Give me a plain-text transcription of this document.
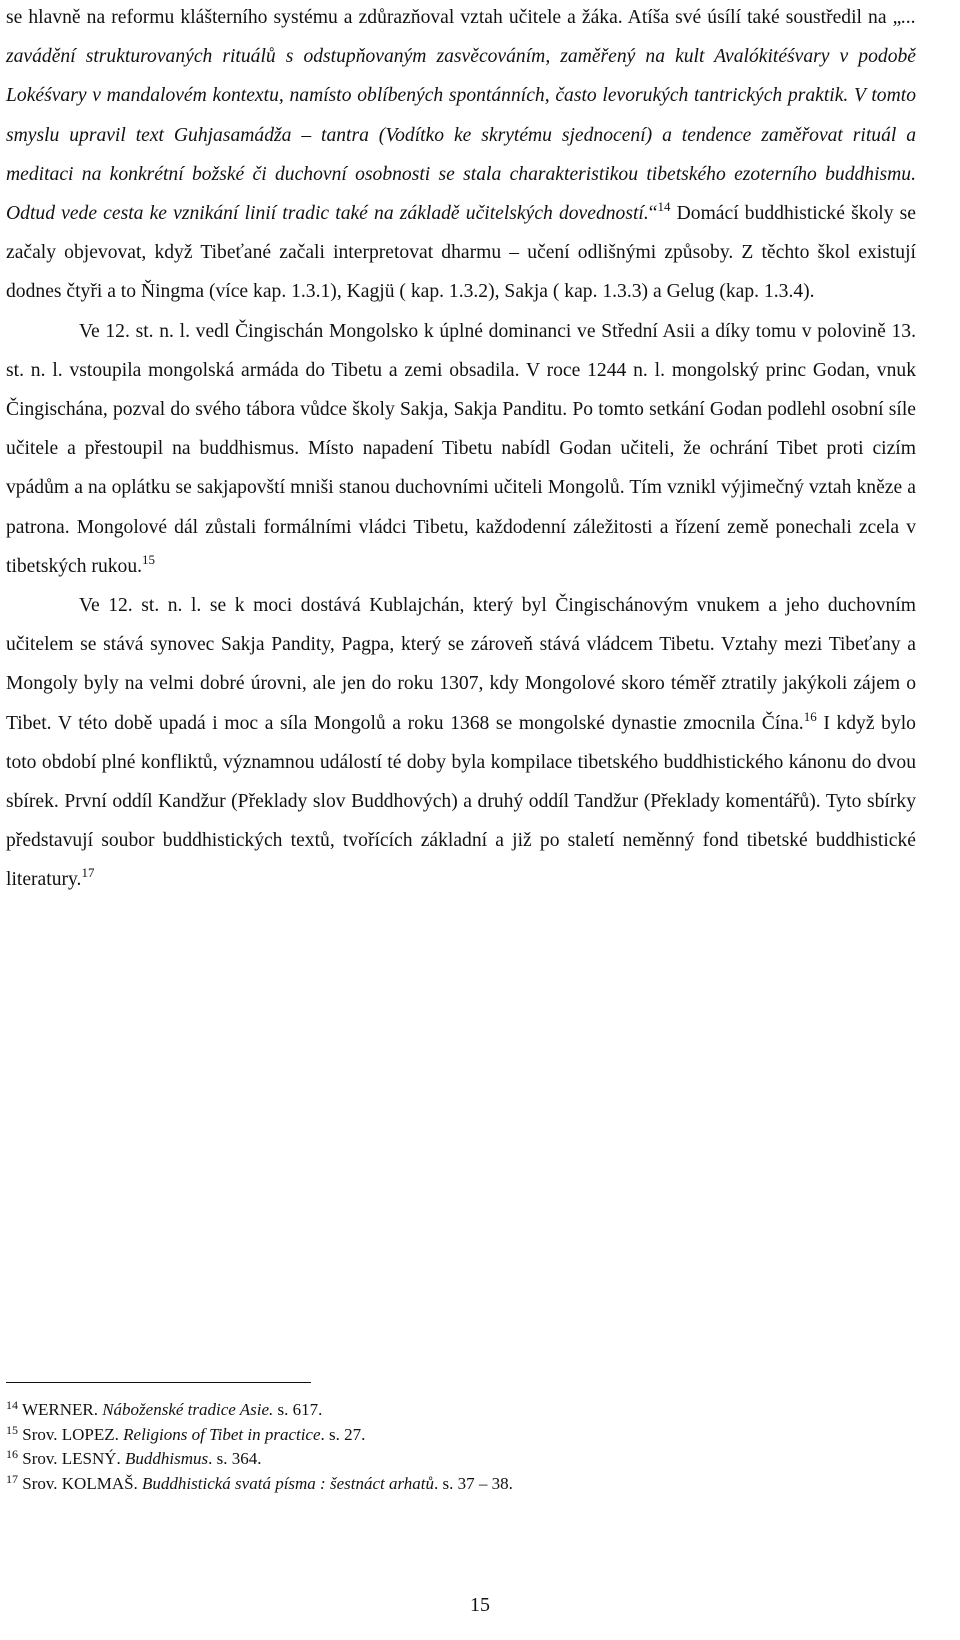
se hlavně na reformu klášterního systému a zdůrazňoval vztah učitele a žáka. Atíša své úsílí také soustředil na „... zavádění strukturovaných rituálů s odstupňovaným zasvěcováním, zaměřený na kult Avalókitéśvary v podobě Lokéśvary v mandalovém kontextu, namísto oblíbených spontánních, často levorukých tantrických praktik. V tomto smyslu upravil text Guhjasamádža – tantra (Vodítko ke skrytému sjednocení) a tendence zaměřovat rituál a meditaci na konkrétní božské či duchovní osobnosti se stala charakteristikou tibetského ezoterního buddhismu. Odtud vede cesta ke vznikání linií tradic také na základě učitelských dovedností.“$^{14}$ Domácí buddhistické školy se začaly objevovat, když Tibeťané začali interpretovat dharmu – učení odlišnými způsoby. Z těchto škol existují dodnes čtyři a to Ňingma (více kap. 1.3.1), Kagjü ( kap. 1.3.2), Sakja ( kap. 1.3.3) a Gelug (kap. 1.3.4).

Ve 12. st. n. l. vedl Čingischán Mongolsko k úplné dominanci ve Střední Asii a díky tomu v polovině 13. st. n. l. vstoupila mongolská armáda do Tibetu a zemi obsadila. V roce 1244 n. l. mongolský princ Godan, vnuk Čingischána, pozval do svého tábora vůdce školy Sakja, Sakja Panditu. Po tomto setkání Godan podlehl osobní síle učitele a přestoupil na buddhismus. Místo napadení Tibetu nabídl Godan učiteli, že ochrání Tibet proti cizím vpádům a na oplátku se sakjapovští mniši stanou duchovními učiteli Mongolů. Tím vznikl výjimečný vztah kněze a patrona. Mongolové dál zůstali formálními vládci Tibetu, každodenní záležitosti a řízení země ponechali zcela v tibetských rukou.$^{15}$

Ve 12. st. n. l. se k moci dostává Kublajchán, který byl Čingischánovým vnukem a jeho duchovním učitelem se stává synovec Sakja Pandity, Pagpa, který se zároveň stává vládcem Tibetu. Vztahy mezi Tibeťany a Mongoly byly na velmi dobré úrovni, ale jen do roku 1307, kdy Mongolové skoro téměř ztratily jakýkoli zájem o Tibet. V této době upadá i moc a síla Mongolů a roku 1368 se mongolské dynastie zmocnila Čína.$^{16}$ I když bylo toto období plné konfliktů, významnou událostí té doby byla kompilace tibetského buddhistického kánonu do dvou sbírek. První oddíl Kandžur (Překlady slov Buddhových) a druhý oddíl Tandžur (Překlady komentářů). Tyto sbírky představují soubor buddhistických textů, tvořících základní a již po staletí neměnný fond tibetské buddhistické literatury.$^{17}$

$^{14}$ WERNER. Náboženské tradice Asie. s. 617.

$^{15}$ Srov. LOPEZ. Religions of Tibet in practice. s. 27.

$^{16}$ Srov. LESNÝ. Buddhismus. s. 364.

$^{17}$ Srov. KOLMAŠ. Buddhistická svatá písma : šestnáct arhatů. s. 37 – 38.

15
